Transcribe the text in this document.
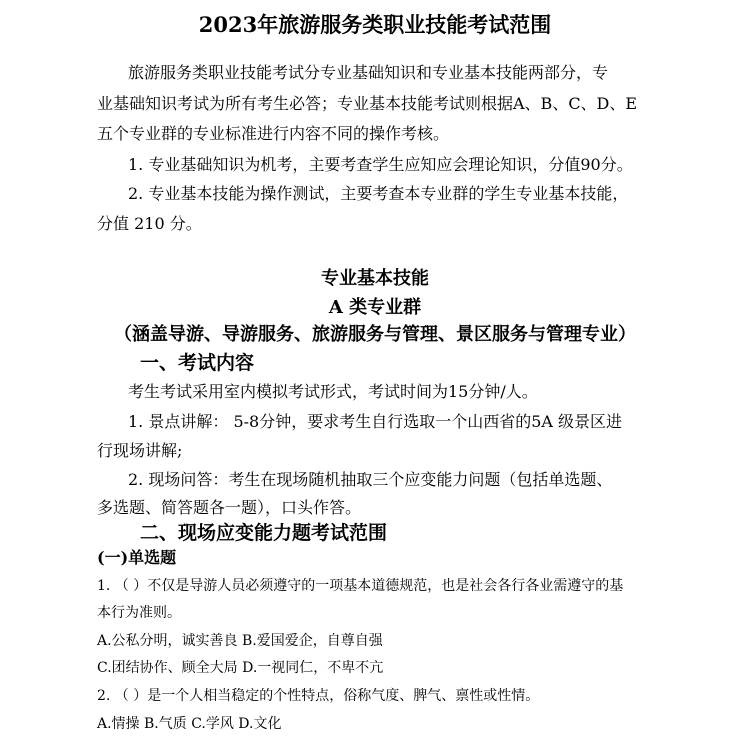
2023年旅游服务类职业技能考试范围

旅游服务类职业技能考试分专业基础知识和专业基本技能两部分，专

业基础知识考试为所有考生必答；专业基本技能考试则根据A、B、C、D、E

五个专业群的专业标准进行内容不同的操作考核。

1. 专业基础知识为机考，主要考查学生应知应会理论知识，分值90分。

2. 专业基本技能为操作测试，主要考查本专业群的学生专业基本技能，

分值 210 分。

专业基本技能

A 类专业群

（涵盖导游、导游服务、旅游服务与管理、景区服务与管理专业）

一、考试内容

考生考试采用室内模拟考试形式，考试时间为15分钟/人。

1. 景点讲解： 5-8分钟，要求考生自行选取一个山西省的5A 级景区进

行现场讲解;

2. 现场问答：考生在现场随机抽取三个应变能力问题（包括单选题、

多选题、简答题各一题），口头作答。

二、现场应变能力题考试范围

(一)单选题

1. （ ）不仅是导游人员必须遵守的一项基本道德规范，也是社会各行各业需遵守的基

本行为准则。

A.公私分明，诚实善良 B.爱国爱企，自尊自强

C.团结协作、顾全大局 D.一视同仁，不卑不亢

2. （ ）是一个人相当稳定的个性特点，俗称气度、脾气、禀性或性情。

A.情操 B.气质 C.学风 D.文化
